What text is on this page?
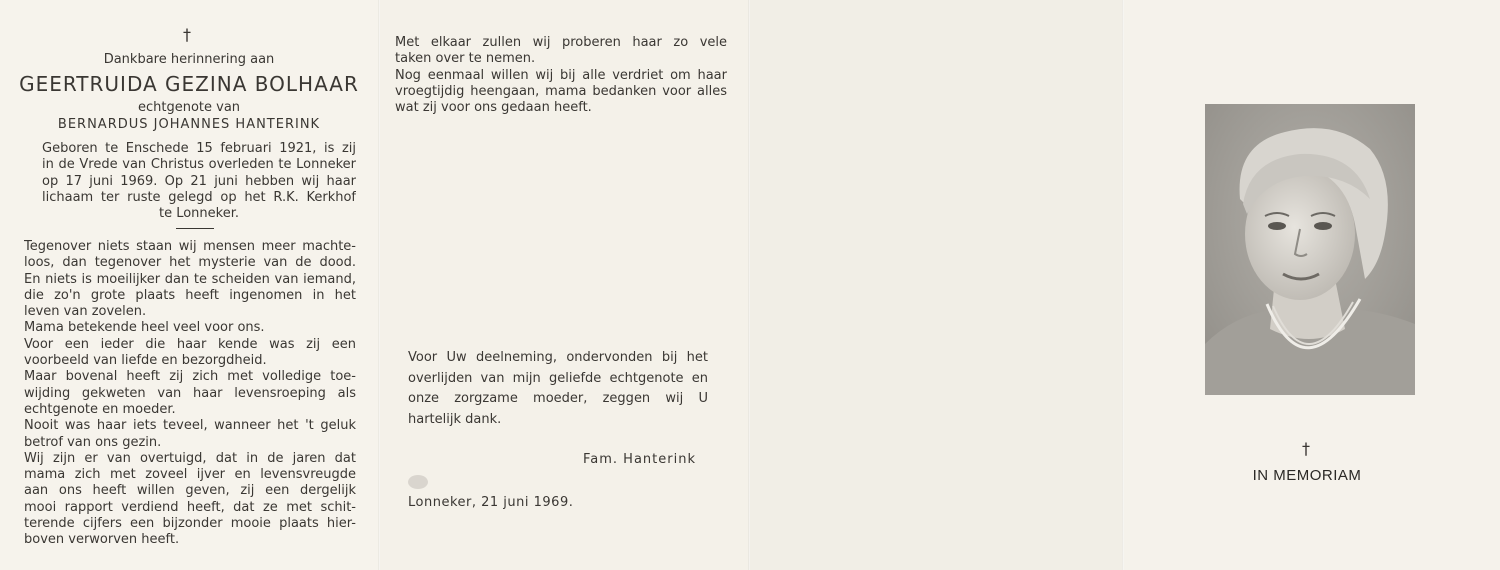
†
Dankbare herinnering aan
GEERTRUIDA GEZINA BOLHAAR
echtgenote van
BERNARDUS JOHANNES HANTERINK
Geboren te Enschede 15 februari 1921, is zij
in de Vrede van Christus overleden te Lonneker
op 17 juni 1969. Op 21 juni hebben wij haar
lichaam ter ruste gelegd op het R.K. Kerkhof
te Lonneker.
Tegenover niets staan wij mensen meer machte-
loos, dan tegenover het mysterie van de dood.
En niets is moeilijker dan te scheiden van iemand,
die zo'n grote plaats heeft ingenomen in het
leven van zovelen.
Mama betekende heel veel voor ons.
Voor een ieder die haar kende was zij een
voorbeeld van liefde en bezorgdheid.
Maar bovenal heeft zij zich met volledige toe-
wijding gekweten van haar levensroeping als
echtgenote en moeder.
Nooit was haar iets teveel, wanneer het 't geluk
betrof van ons gezin.
Wij zijn er van overtuigd, dat in de jaren dat
mama zich met zoveel ijver en levensvreugde
aan ons heeft willen geven, zij een dergelijk
mooi rapport verdiend heeft, dat ze met schit-
terende cijfers een bijzonder mooie plaats hier-
boven verworven heeft.
Met elkaar zullen wij proberen haar zo vele
taken over te nemen.
Nog eenmaal willen wij bij alle verdriet om haar
vroegtijdig heengaan, mama bedanken voor alles
wat zij voor ons gedaan heeft.
Voor Uw deelneming, ondervonden bij het
overlijden van mijn geliefde echtgenote en
onze zorgzame moeder, zeggen wij U
hartelijk dank.
Fam. Hanterink
Lonneker, 21 juni 1969.
†
IN MEMORIAM
